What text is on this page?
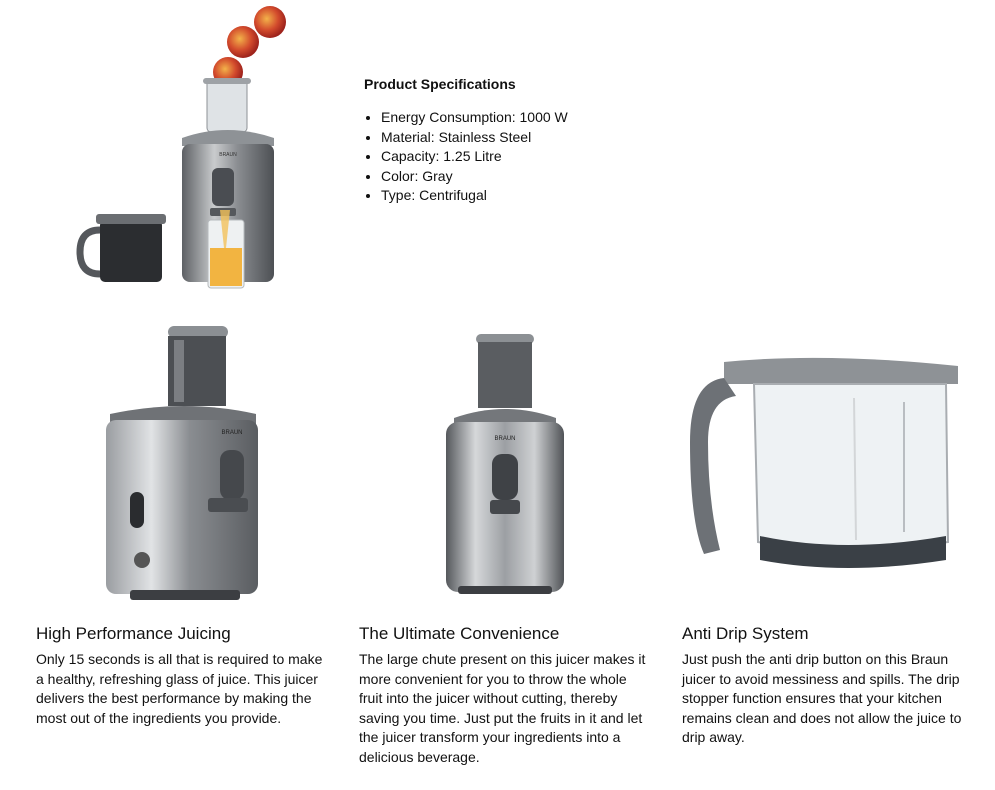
BRAUN
Product Specifications
• Energy Consumption: 1000 W
• Material: Stainless Steel
• Capacity: 1.25 Litre
• Color: Gray
• Type: Centrifugal
BRAUN
BRAUN
High Performance Juicing

Only 15 seconds is all that is required to make a healthy, refreshing glass of juice. This juicer delivers the best performance by making the most out of the ingredients you provide.

The Ultimate Convenience

The large chute present on this juicer makes it more convenient for you to throw the whole fruit into the juicer without cutting, thereby saving you time. Just put the fruits in it and let the juicer transform your ingredients into a delicious beverage.

Anti Drip System

Just push the anti drip button on this Braun juicer to avoid messiness and spills. The drip stopper function ensures that your kitchen remains clean and does not allow the juice to drip away.
